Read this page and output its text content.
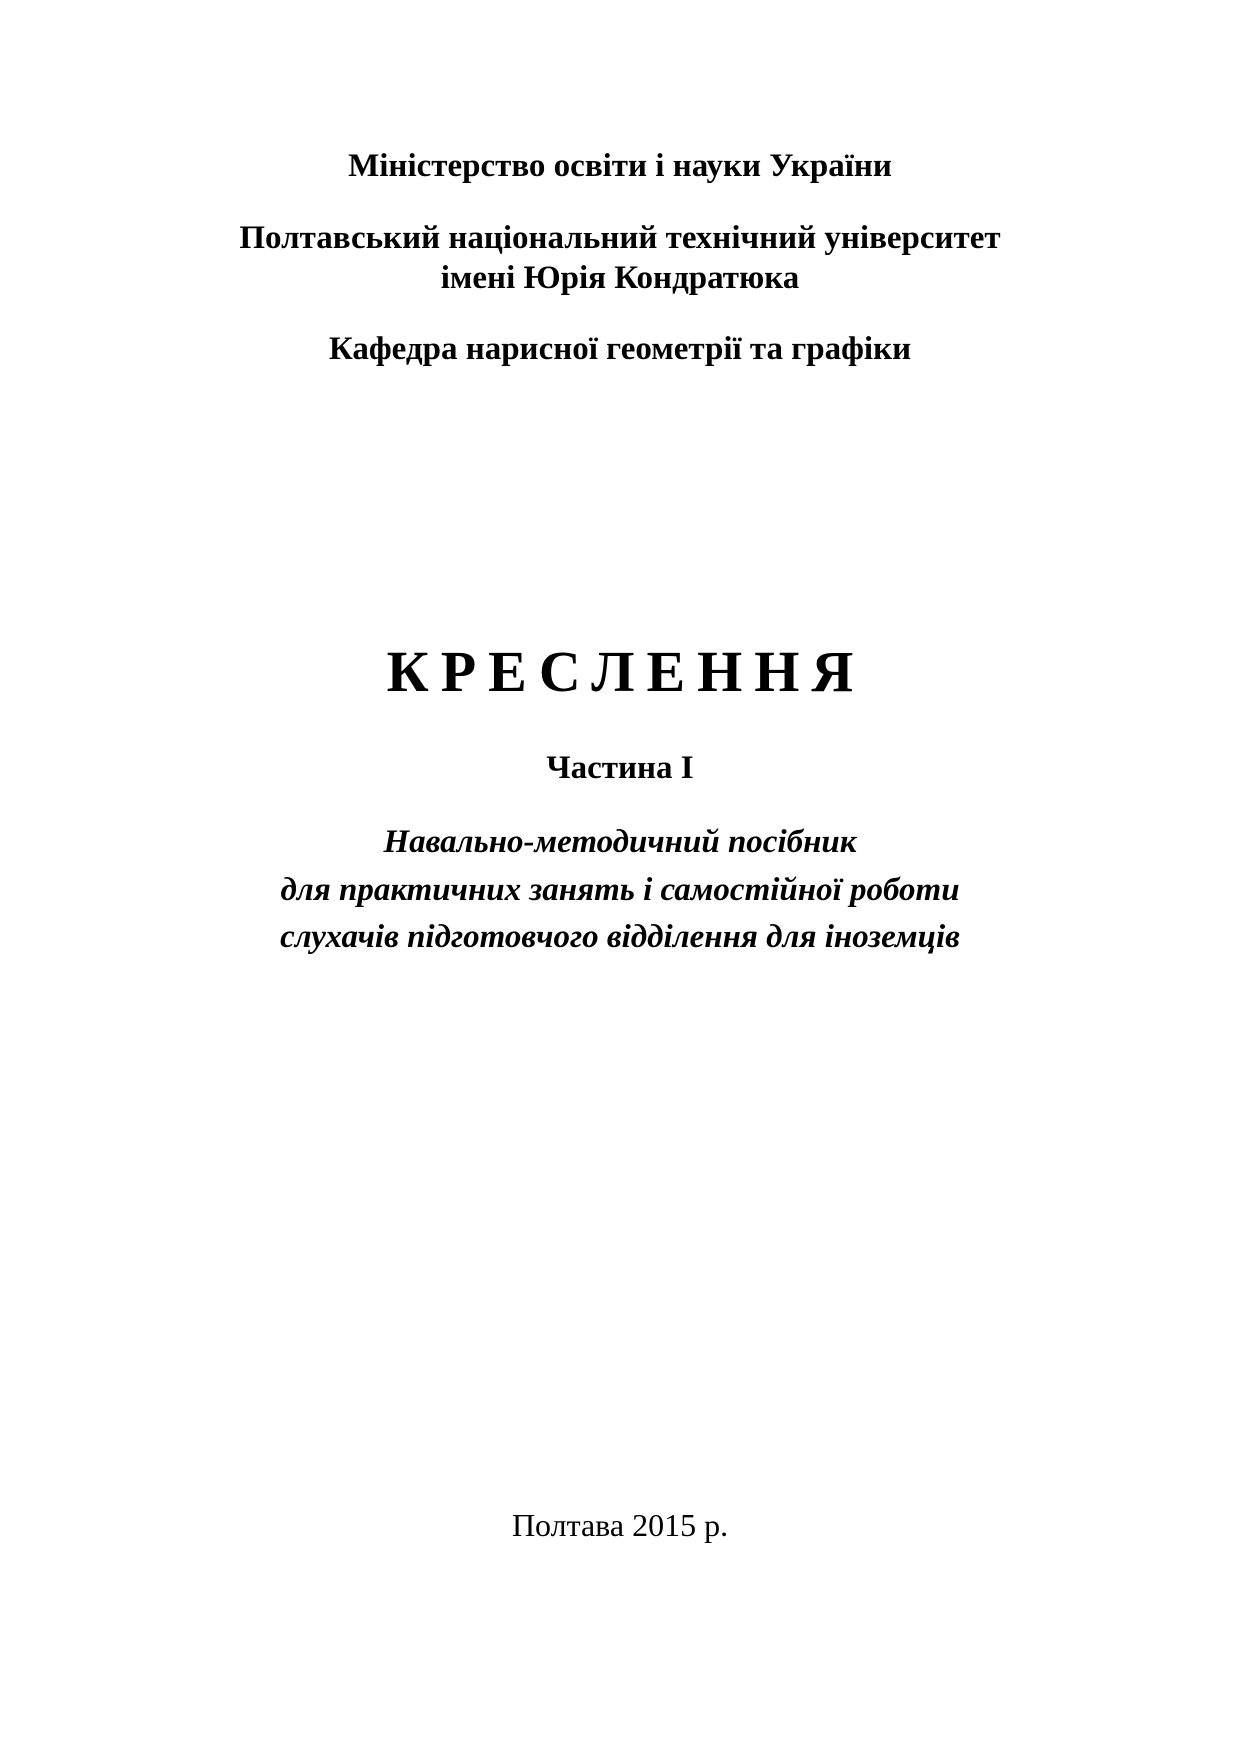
Міністерство освіти і науки України
Полтавський національний технічний університет
імені Юрія Кондратюка
Кафедра нарисної геометрії та графіки
КРЕСЛЕННЯ
Частина I
Навально-методичний посібник
для практичних занять і самостійної роботи
слухачів підготовчого відділення для іноземців
Полтава 2015 р.
